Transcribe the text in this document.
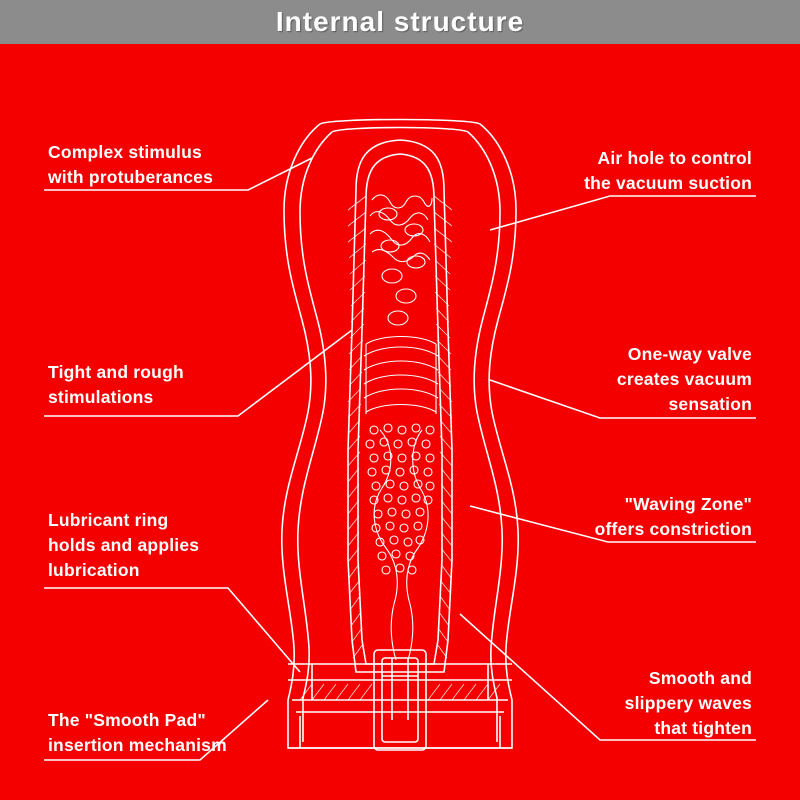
Internal structure
Complex stimulus
with protuberances
Tight and rough
stimulations
Lubricant ring
holds and applies
lubrication
The "Smooth Pad"
insertion mechanism
Air hole to control
the vacuum suction
One-way valve
creates vacuum
sensation
"Waving Zone"
offers constriction
Smooth and
slippery waves
that tighten
